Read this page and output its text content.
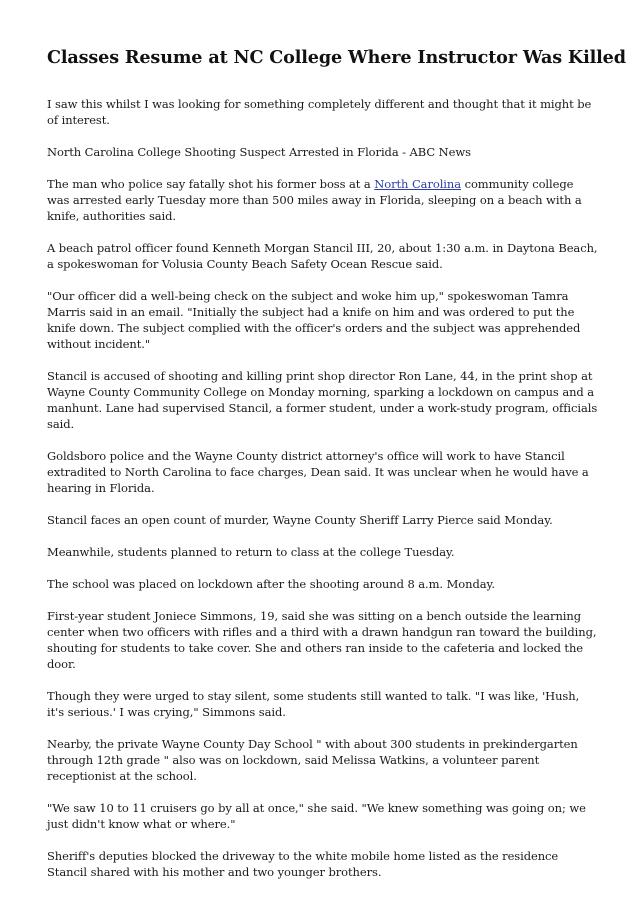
Classes Resume at NC College Where Instructor Was Killed

I saw this whilst I was looking for something completely different and thought that it might be of interest.

North Carolina College Shooting Suspect Arrested in Florida - ABC News

The man who police say fatally shot his former boss at a North Carolina community college was arrested early Tuesday more than 500 miles away in Florida, sleeping on a beach with a knife, authorities said.

A beach patrol officer found Kenneth Morgan Stancil III, 20, about 1:30 a.m. in Daytona Beach, a spokeswoman for Volusia County Beach Safety Ocean Rescue said.

"Our officer did a well-being check on the subject and woke him up," spokeswoman Tamra Marris said in an email. "Initially the subject had a knife on him and was ordered to put the knife down. The subject complied with the officer's orders and the subject was apprehended without incident."

Stancil is accused of shooting and killing print shop director Ron Lane, 44, in the print shop at Wayne County Community College on Monday morning, sparking a lockdown on campus and a manhunt. Lane had supervised Stancil, a former student, under a work-study program, officials said.

Goldsboro police and the Wayne County district attorney's office will work to have Stancil extradited to North Carolina to face charges, Dean said. It was unclear when he would have a hearing in Florida.

Stancil faces an open count of murder, Wayne County Sheriff Larry Pierce said Monday.

Meanwhile, students planned to return to class at the college Tuesday.

The school was placed on lockdown after the shooting around 8 a.m. Monday.

First-year student Joniece Simmons, 19, said she was sitting on a bench outside the learning center when two officers with rifles and a third with a drawn handgun ran toward the building, shouting for students to take cover. She and others ran inside to the cafeteria and locked the door.

Though they were urged to stay silent, some students still wanted to talk. "I was like, 'Hush, it's serious.' I was crying," Simmons said.

Nearby, the private Wayne County Day School " with about 300 students in prekindergarten through 12th grade " also was on lockdown, said Melissa Watkins, a volunteer parent receptionist at the school.

"We saw 10 to 11 cruisers go by all at once," she said. "We knew something was going on; we just didn't know what or where."

Sheriff's deputies blocked the driveway to the white mobile home listed as the residence Stancil shared with his mother and two younger brothers.
